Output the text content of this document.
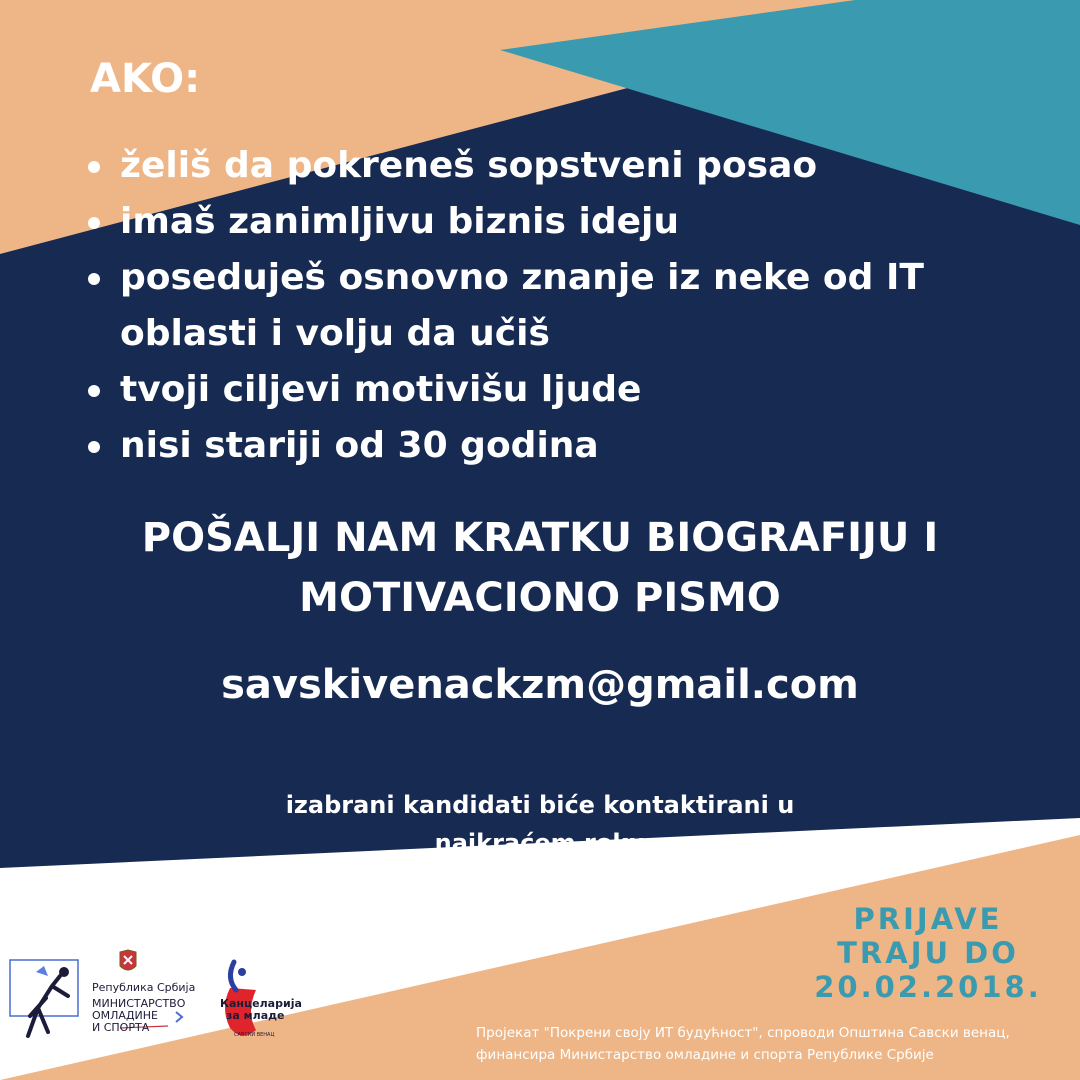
AKO:
želiš da pokreneš sopstveni posao
imaš zanimljivu biznis ideju
poseduješ osnovno znanje iz neke od IT
oblasti i volju da učiš
tvoji ciljevi motivišu ljude
nisi stariji od 30 godina
POŠALJI NAM KRATKU BIOGRAFIJU I
MOTIVACIONO PISMO
savskivenackzm@gmail.com
izabrani kandidati biće kontaktirani u
najkraćem roku
PRIJAVE
TRAJU DO
20.02.2018.
Пројекат "Покрени своју ИТ будућност", спроводи Општина Савски венац,
финансира Министарство омладине и спорта Републике Србије
Република Србија
МИНИСТАРСТВО
ОМЛАДИНЕ
И СПОРТА
Канцеларија
за младе
САВСКИ ВЕНАЦ
